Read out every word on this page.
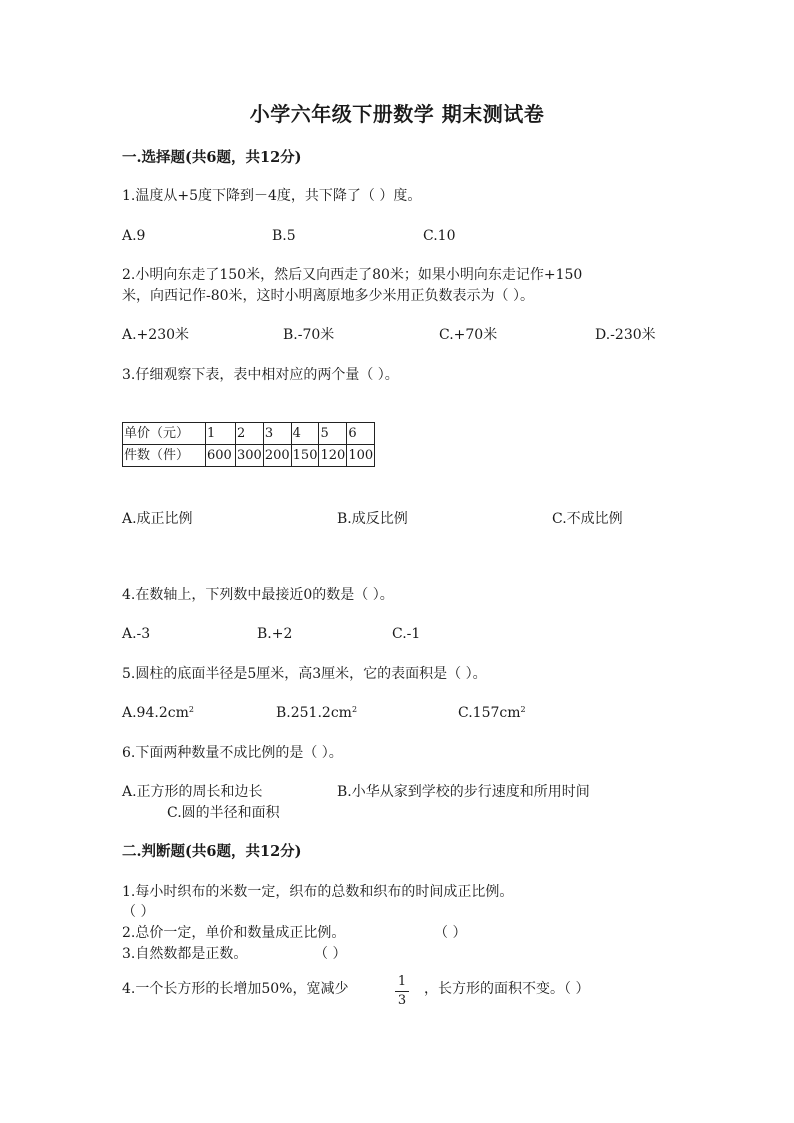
小学六年级下册数学 期末测试卷
一.选择题(共6题，共12分)
1.温度从+5度下降到－4度，共下降了（ ）度。
A.9	B.5	C.10
2.小明向东走了150米，然后又向西走了80米；如果小明向东走记作+150
米，向西记作-80米，这时小明离原地多少米用正负数表示为（ ）。
A.+230米	B.-70米	C.+70米	D.-230米
3.仔细观察下表，表中相对应的两个量（ ）。
单价（元）	1	2	3	4	5	6
件数（件）	600	300	200	150	120	100
A.成正比例	B.成反比例	C.不成比例
4.在数轴上，下列数中最接近0的数是（ ）。
A.-3	B.+2	C.-1
5.圆柱的底面半径是5厘米，高3厘米，它的表面积是（ ）。
$A.94.2cm^2$	$B.251.2cm^2$	$C.157cm^2$
6.下面两种数量不成比例的是（ ）。
A.正方形的周长和边长	B.小华从家到学校的步行速度和所用时间
C.圆的半径和面积
二.判断题(共6题，共12分)
1.每小时织布的米数一定，织布的总数和织布的时间成正比例。
（ ）
2.总价一定，单价和数量成正比例。	（ ）
3.自然数都是正数。	（ ）
4.一个长方形的长增加50%，宽减少	1
3
，长方形的面积不变。（ ）
